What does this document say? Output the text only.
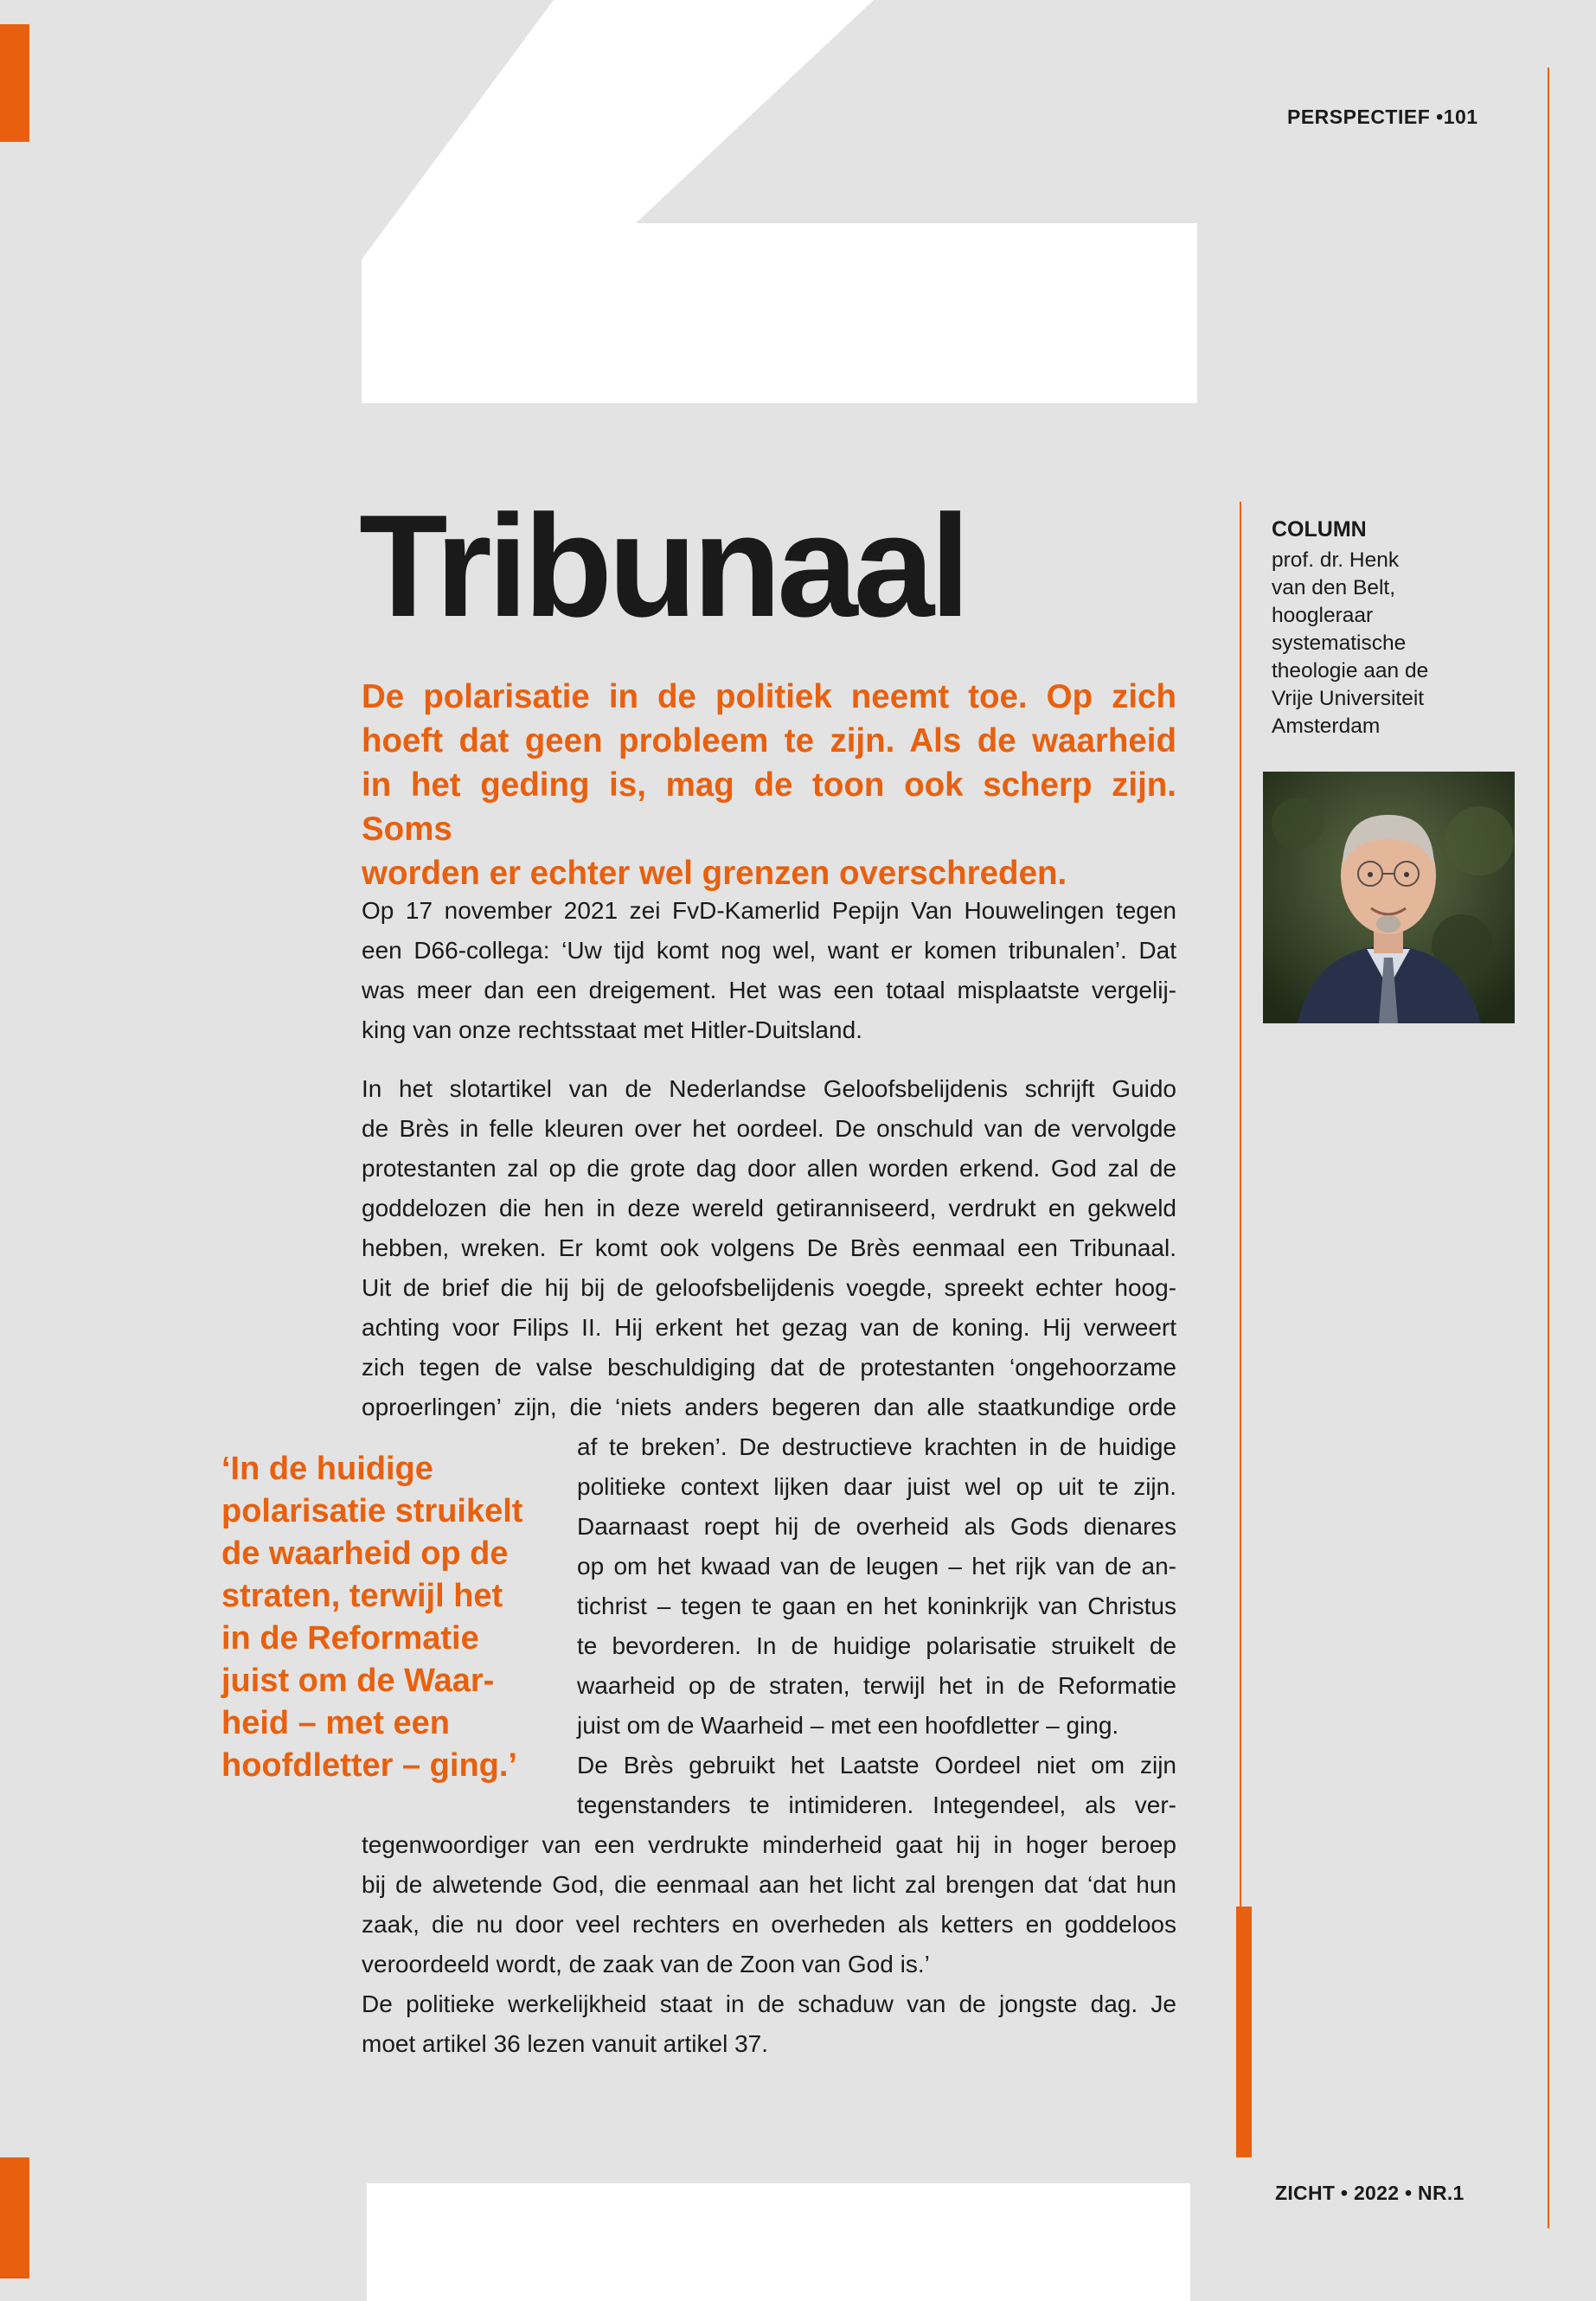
PERSPECTIEF •101
Tribunaal
De polarisatie in de politiek neemt toe. Op zich
hoeft dat geen probleem te zijn. Als de waarheid
in het geding is, mag de toon ook scherp zijn. Soms
worden er echter wel grenzen overschreden.
Op 17 november 2021 zei FvD-Kamerlid Pepijn Van Houwelingen tegen
een D66-collega: ‘Uw tijd komt nog wel, want er komen tribunalen’. Dat
was meer dan een dreigement. Het was een totaal misplaatste vergelij-
king van onze rechtsstaat met Hitler-Duitsland.
In het slotartikel van de Nederlandse Geloofsbelijdenis schrijft Guido
de Brès in felle kleuren over het oordeel. De onschuld van de vervolgde
protestanten zal op die grote dag door allen worden erkend. God zal de
goddelozen die hen in deze wereld getiranniseerd, verdrukt en gekweld
hebben, wreken. Er komt ook volgens De Brès eenmaal een Tribunaal.
Uit de brief die hij bij de geloofsbelijdenis voegde, spreekt echter hoog-
achting voor Filips II. Hij erkent het gezag van de koning. Hij verweert
zich tegen de valse beschuldiging dat de protestanten ‘ongehoorzame
oproerlingen’ zijn, die ‘niets anders begeren dan alle staatkundige orde
af te breken’. De destructieve krachten in de huidige
politieke context lijken daar juist wel op uit te zijn.
Daarnaast roept hij de overheid als Gods dienares
op om het kwaad van de leugen – het rijk van de an-
tichrist – tegen te gaan en het koninkrijk van Christus
te bevorderen. In de huidige polarisatie struikelt de
waarheid op de straten, terwijl het in de Reformatie
juist om de Waarheid – met een hoofdletter – ging.
De Brès gebruikt het Laatste Oordeel niet om zijn
tegenstanders te intimideren. Integendeel, als ver-
tegenwoordiger van een verdrukte minderheid gaat hij in hoger beroep
bij de alwetende God, die eenmaal aan het licht zal brengen dat ‘dat hun
zaak, die nu door veel rechters en overheden als ketters en goddeloos
veroordeeld wordt, de zaak van de Zoon van God is.’
De politieke werkelijkheid staat in de schaduw van de jongste dag. Je
moet artikel 36 lezen vanuit artikel 37.
‘In de huidige
polarisatie struikelt
de waarheid op de
straten, terwijl het
in de Reformatie
juist om de Waar-
heid – met een
hoofdletter – ging.’
COLUMN
prof. dr. Henk
van den Belt,
hoogleraar
systematische
theologie aan de
Vrije Universiteit
Amsterdam
ZICHT • 2022 • NR.1
